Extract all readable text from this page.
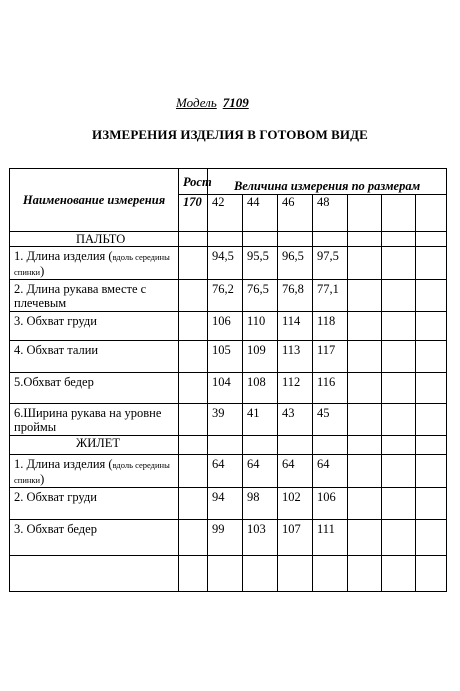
Модель 7109
ИЗМЕРЕНИЯ ИЗДЕЛИЯ В ГОТОВОМ ВИДЕ
Наименование измерения	Рост	Величина измерения по размерам						
	170	42	44	46	48			
ПАЛЬТО								
1. Длина изделия (вдоль середины спинки)		94,5	95,5	96,5	97,5			
2. Длина рукава вместе с плечевым		76,2	76,5	76,8	77,1			
3. Обхват груди		106	110	114	118			
4. Обхват талии		105	109	113	117			
5.Обхват бедер		104	108	112	116			
6.Ширина рукава на уровне проймы		39	41	43	45			
ЖИЛЕТ								
1. Длина изделия (вдоль середины спинки)		64	64	64	64			
2. Обхват груди		94	98	102	106			
3. Обхват бедер		99	103	107	111			
